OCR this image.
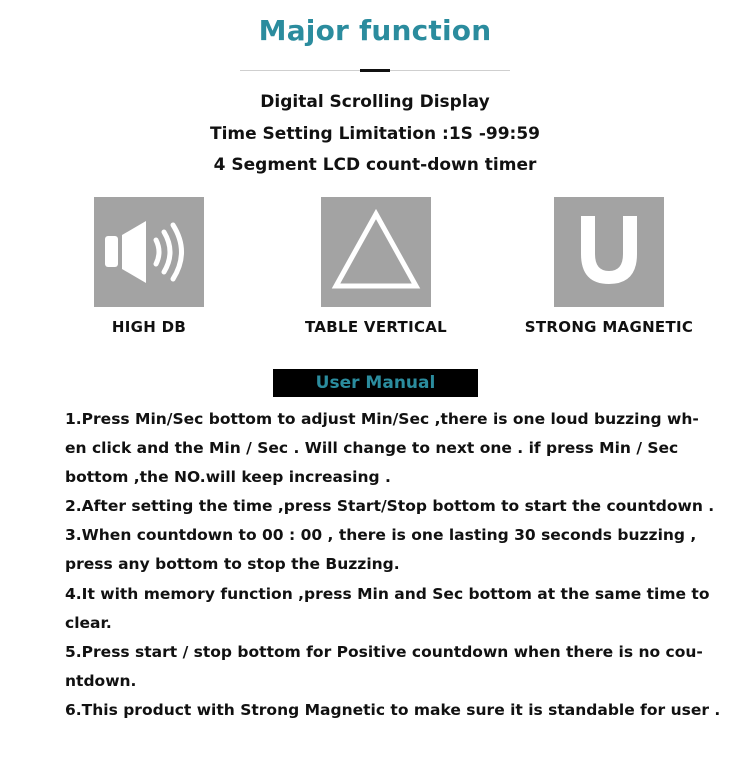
Major function
Digital Scrolling Display
Time Setting Limitation :1S -99:59
4 Segment LCD count-down timer
HIGH DB	TABLE VERTICAL	STRONG MAGNETIC
User Manual
1.Press Min/Sec bottom to adjust Min/Sec ,there is one loud buzzing wh-
en click and the Min / Sec . Will change to next one . if press Min / Sec
bottom ,the NO.will keep increasing .
2.After setting the time ,press Start/Stop bottom to start the countdown .
3.When countdown to 00 : 00 , there is one lasting 30 seconds buzzing ,
press any bottom to stop the Buzzing.
4.It with memory function ,press Min and Sec bottom at the same time to
clear.
5.Press start / stop bottom for Positive countdown when there is no cou-
ntdown.
6.This product with Strong Magnetic to make sure it is standable for user .
